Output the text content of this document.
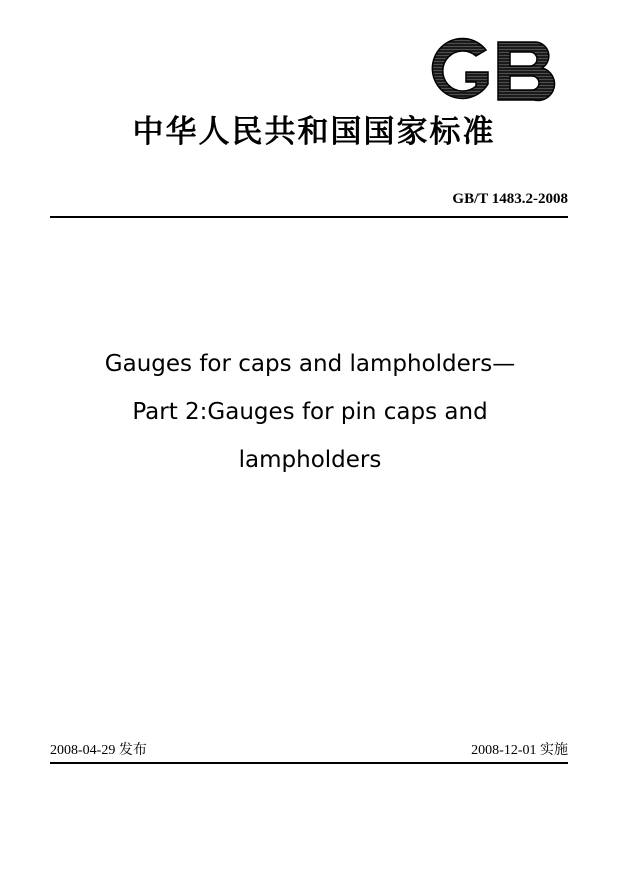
中华人民共和国国家标准
GB/T 1483.2-2008
Gauges for caps and lampholders—
Part 2:Gauges for pin caps and
lampholders
2008-04-29 发布	2008-12-01 实施
